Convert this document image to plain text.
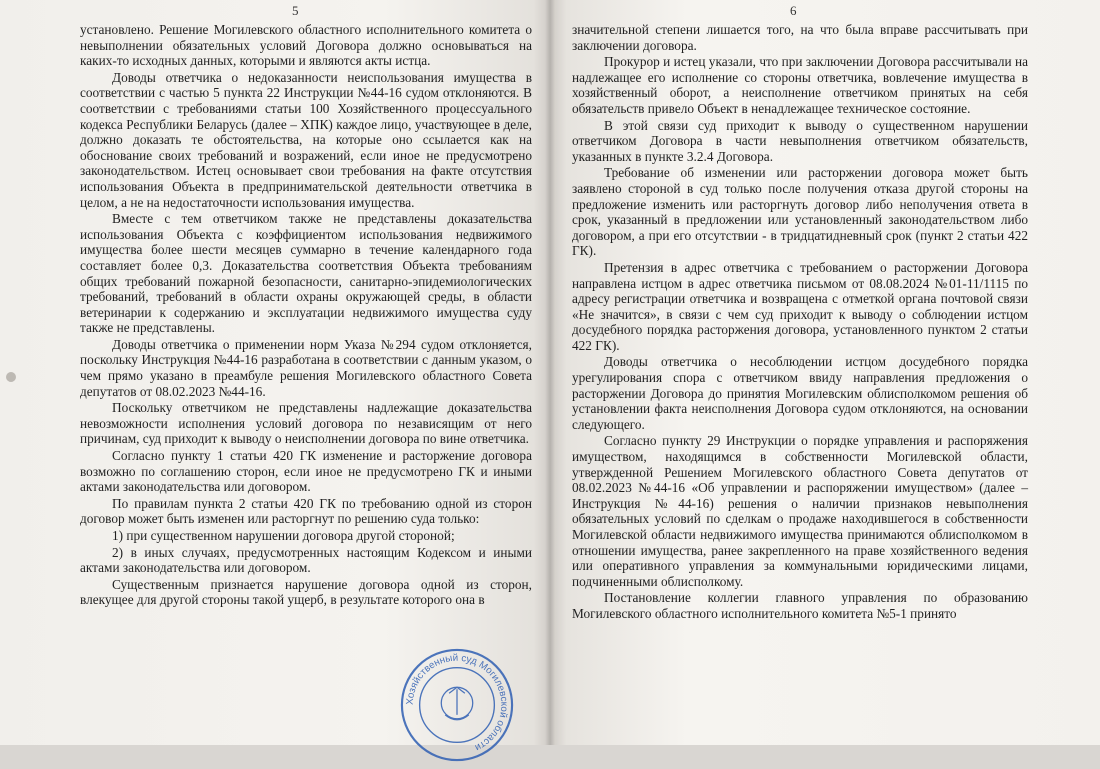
5

установлено. Решение Могилевского областного исполнительного комитета о невыполнении обязательных условий Договора должно основываться на каких-то исходных данных, которыми и являются акты истца.

Доводы ответчика о недоказанности неиспользования имущества в соответствии с частью 5 пункта 22 Инструкции №44-16 судом отклоняются. В соответствии с требованиями статьи 100 Хозяйственного процессуального кодекса Республики Беларусь (далее – ХПК) каждое лицо, участвующее в деле, должно доказать те обстоятельства, на которые оно ссылается как на обоснование своих требований и возражений, если иное не предусмотрено законодательством. Истец основывает свои требования на факте отсутствия использования Объекта в предпринимательской деятельности ответчика в целом, а не на недостаточности использования имущества.

Вместе с тем ответчиком также не представлены доказательства использования Объекта с коэффициентом использования недвижимого имущества более шести месяцев суммарно в течение календарного года составляет более 0,3. Доказательства соответствия Объекта требованиям общих требований пожарной безопасности, санитарно-эпидемиологических требований, требований в области охраны окружающей среды, в области ветеринарии к содержанию и эксплуатации недвижимого имущества суду также не представлены.

Доводы ответчика о применении норм Указа №294 судом отклоняется, поскольку Инструкция №44-16 разработана в соответствии с данным указом, о чем прямо указано в преамбуле решения Могилевского областного Совета депутатов от 08.02.2023 №44-16.

Поскольку ответчиком не представлены надлежащие доказательства невозможности исполнения условий договора по независящим от него причинам, суд приходит к выводу о неисполнении договора по вине ответчика.

Согласно пункту 1 статьи 420 ГК изменение и расторжение договора возможно по соглашению сторон, если иное не предусмотрено ГК и иными актами законодательства или договором.

По правилам пункта 2 статьи 420 ГК по требованию одной из сторон договор может быть изменен или расторгнут по решению суда только:

1) при существенном нарушении договора другой стороной;

2) в иных случаях, предусмотренных настоящим Кодексом и иными актами законодательства или договором.

Существенным признается нарушение договора одной из сторон, влекущее для другой стороны такой ущерб, в результате которого она в

6

значительной степени лишается того, на что была вправе рассчитывать при заключении договора.

Прокурор и истец указали, что при заключении Договора рассчитывали на надлежащее его исполнение со стороны ответчика, вовлечение имущества в хозяйственный оборот, а неисполнение ответчиком принятых на себя обязательств привело Объект в ненадлежащее техническое состояние.

В этой связи суд приходит к выводу о существенном нарушении ответчиком Договора в части невыполнения ответчиком обязательств, указанных в пункте 3.2.4 Договора.

Требование об изменении или расторжении договора может быть заявлено стороной в суд только после получения отказа другой стороны на предложение изменить или расторгнуть договор либо неполучения ответа в срок, указанный в предложении или установленный законодательством либо договором, а при его отсутствии - в тридцатидневный срок (пункт 2 статьи 422 ГК).

Претензия в адрес ответчика с требованием о расторжении Договора направлена истцом в адрес ответчика письмом от 08.08.2024 №01-11/1115 по адресу регистрации ответчика и возвращена с отметкой органа почтовой связи «Не значится», в связи с чем суд приходит к выводу о соблюдении истцом досудебного порядка расторжения договора, установленного пунктом 2 статьи 422 ГК).

Доводы ответчика о несоблюдении истцом досудебного порядка урегулирования спора с ответчиком ввиду направления предложения о расторжении Договора до принятия Могилевским облисполкомом решения об установлении факта неисполнения Договора судом отклоняются, на основании следующего.

Согласно пункту 29 Инструкции о порядке управления и распоряжения имуществом, находящимся в собственности Могилевской области, утвержденной Решением Могилевского областного Совета депутатов от 08.02.2023 №44-16 «Об управлении и распоряжении имуществом» (далее – Инструкция №44-16) решения о наличии признаков невыполнения обязательных условий по сделкам о продаже находившегося в собственности Могилевской области недвижимого имущества принимаются облисполкомом в отношении имущества, ранее закрепленного на праве хозяйственного ведения или оперативного управления за коммунальными юридическими лицами, подчиненными облисполкому.

Постановление коллегии главного управления по образованию Могилевского областного исполнительного комитета №5-1 принято

Хозяйственный суд Могилевской области
